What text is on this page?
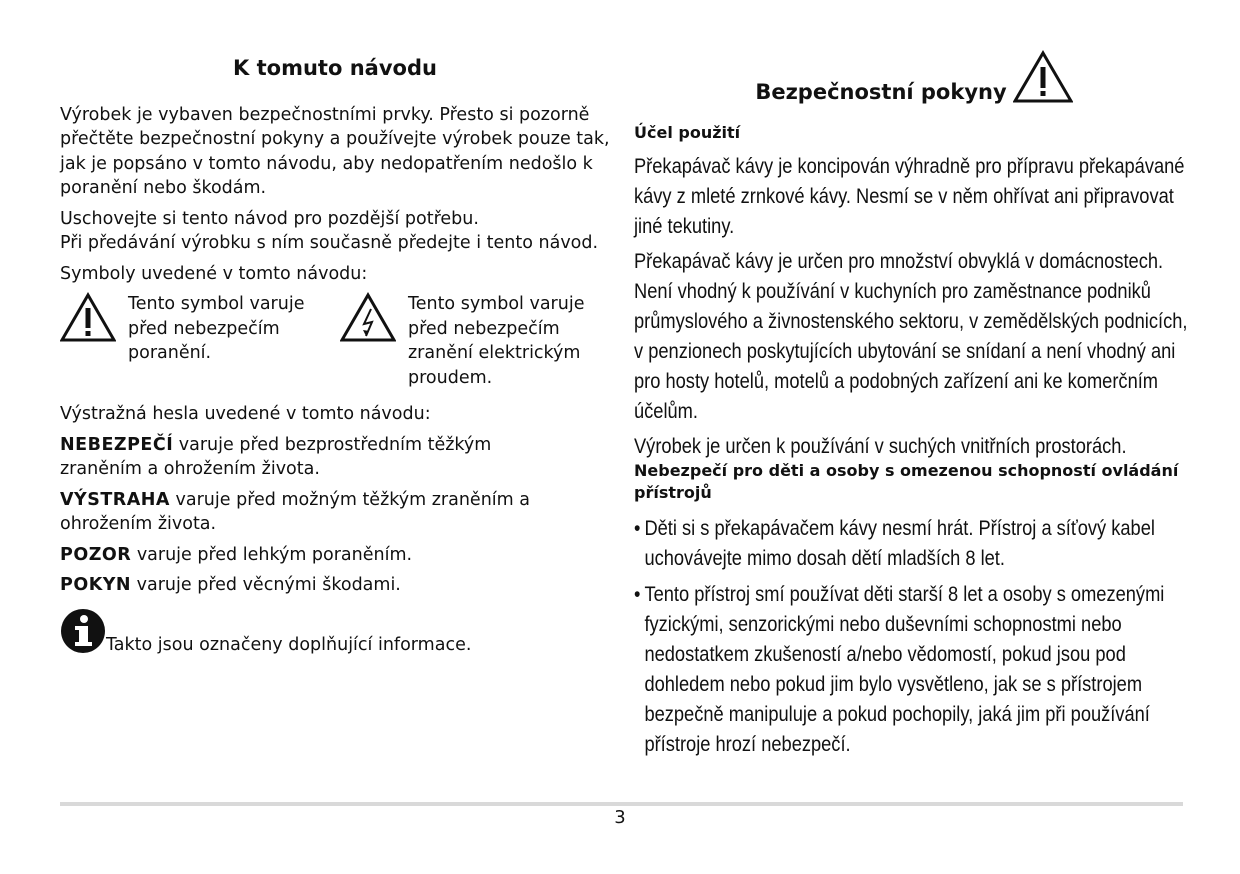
K tomuto návodu

Výrobek je vybaven bezpečnostními prvky. Přesto si pozorně přečtěte bezpečnostní pokyny a používejte výrobek pouze tak, jak je popsáno v tomto návodu, aby nedopatřením nedošlo k poranění nebo škodám.

Uschovejte si tento návod pro pozdější potřebu.
Při předávání výrobku s ním současně předejte i tento návod.

Symboly uvedené v tomto návodu:

Tento symbol varuje před nebezpečím poranění.
Tento symbol varuje před nebezpečím zranění elektrickým proudem.

Výstražná hesla uvedené v tomto návodu:

NEBEZPEČÍ varuje před bezprostředním těžkým zraněním a ohrožením života.

VÝSTRAHA varuje před možným těžkým zraněním a ohrožením života.

POZOR varuje před lehkým poraněním.

POKYN varuje před věcnými škodami.

Takto jsou označeny doplňující informace.
Bezpečnostní pokyny
Účel použití

Překapávač kávy je koncipován výhradně pro přípravu překapávané kávy z mleté zrnkové kávy. Nesmí se v něm ohřívat ani připravovat jiné tekutiny.

Překapávač kávy je určen pro množství obvyklá v domácnostech. Není vhodný k používání v kuchyních pro zaměstnance podniků průmyslového a živnostenského sektoru, v zemědělských podnicích, v penzionech poskytujících ubytování se snídaní a není vhodný ani pro hosty hotelů, motelů a podobných zařízení ani ke komerčním účelům.

Výrobek je určen k používání v suchých vnitřních prostorách.

Nebezpečí pro děti a osoby s omezenou schopností ovládání přístrojů
• Děti si s překapávačem kávy nesmí hrát. Přístroj a síťový kabel uchovávejte mimo dosah dětí mladších 8 let.
• Tento přístroj smí používat děti starší 8 let a osoby s omezenými fyzickými, senzorickými nebo duševními schopnostmi nebo nedostatkem zkušeností a/nebo vědomostí, pokud jsou pod dohledem nebo pokud jim bylo vysvětleno, jak se s přístrojem bezpečně manipuluje a pokud pochopily, jaká jim při používání přístroje hrozí nebezpečí.
3
